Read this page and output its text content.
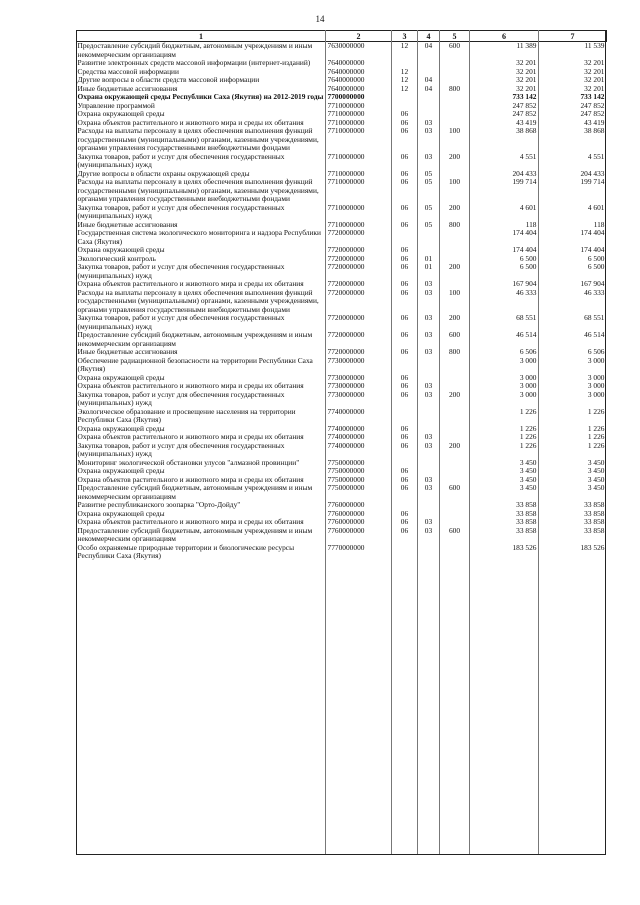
14
1	2	3	4	5	6	7
Предоставление субсидий бюджетным, автономным учреждениям и иным некоммерческим организациям	7630000000	12	04	600	11 389	11 539
Развитие электронных средств массовой информации (интернет-изданий)	7640000000				32 201	32 201
Средства массовой информации	7640000000	12			32 201	32 201
Другие вопросы в области средств массовой информации	7640000000	12	04		32 201	32 201
Иные бюджетные ассигнования	7640000000	12	04	800	32 201	32 201
Охрана окружающей среды Республики Саха (Якутия) на 2012-2019 годы	7700000000				733 142	733 142
Управление программой	7710000000				247 852	247 852
Охрана окружающей среды	7710000000	06			247 852	247 852
Охрана объектов растительного и животного мира и среды их обитания	7710000000	06	03		43 419	43 419
Расходы на выплаты персоналу в целях обеспечения выполнения функций государственными (муниципальными) органами, казенными учреждениями, органами управления государственными внебюджетными фондами	7710000000	06	03	100	38 868	38 868
Закупка товаров, работ и услуг для обеспечения государственных (муниципальных) нужд	7710000000	06	03	200	4 551	4 551
Другие вопросы в области охраны окружающей среды	7710000000	06	05		204 433	204 433
Расходы на выплаты персоналу в целях обеспечения выполнения функций государственными (муниципальными) органами, казенными учреждениями, органами управления государственными внебюджетными фондами	7710000000	06	05	100	199 714	199 714
Закупка товаров, работ и услуг для обеспечения государственных (муниципальных) нужд	7710000000	06	05	200	4 601	4 601
Иные бюджетные ассигнования	7710000000	06	05	800	118	118
Государственная система экологического мониторинга и надзора Республики Саха (Якутия)	7720000000				174 404	174 404
Охрана окружающей среды	7720000000	06			174 404	174 404
Экологический контроль	7720000000	06	01		6 500	6 500
Закупка товаров, работ и услуг для обеспечения государственных (муниципальных) нужд	7720000000	06	01	200	6 500	6 500
Охрана объектов растительного и животного мира и среды их обитания	7720000000	06	03		167 904	167 904
Расходы на выплаты персоналу в целях обеспечения выполнения функций государственными (муниципальными) органами, казенными учреждениями, органами управления государственными внебюджетными фондами	7720000000	06	03	100	46 333	46 333
Закупка товаров, работ и услуг для обеспечения государственных (муниципальных) нужд	7720000000	06	03	200	68 551	68 551
Предоставление субсидий бюджетным, автономным учреждениям и иным некоммерческим организациям	7720000000	06	03	600	46 514	46 514
Иные бюджетные ассигнования	7720000000	06	03	800	6 506	6 506
Обеспечение радиационной безопасности на территории Республики Саха (Якутия)	7730000000				3 000	3 000
Охрана окружающей среды	7730000000	06			3 000	3 000
Охрана объектов растительного и животного мира и среды их обитания	7730000000	06	03		3 000	3 000
Закупка товаров, работ и услуг для обеспечения государственных (муниципальных) нужд	7730000000	06	03	200	3 000	3 000
Экологическое образование и просвещение населения на территории Республики Саха (Якутия)	7740000000				1 226	1 226
Охрана окружающей среды	7740000000	06			1 226	1 226
Охрана объектов растительного и животного мира и среды их обитания	7740000000	06	03		1 226	1 226
Закупка товаров, работ и услуг для обеспечения государственных (муниципальных) нужд	7740000000	06	03	200	1 226	1 226
Мониторинг экологической обстановки улусов "алмазной провинции"	7750000000				3 450	3 450
Охрана окружающей среды	7750000000	06			3 450	3 450
Охрана объектов растительного и животного мира и среды их обитания	7750000000	06	03		3 450	3 450
Предоставление субсидий бюджетным, автономным учреждениям и иным некоммерческим организациям	7750000000	06	03	600	3 450	3 450
Развитие республиканского зоопарка "Орто-Дойду"	7760000000				33 858	33 858
Охрана окружающей среды	7760000000	06			33 858	33 858
Охрана объектов растительного и животного мира и среды их обитания	7760000000	06	03		33 858	33 858
Предоставление субсидий бюджетным, автономным учреждениям и иным некоммерческим организациям	7760000000	06	03	600	33 858	33 858
Особо охраняемые природные территории и биологические ресурсы Республики Саха (Якутия)	7770000000				183 526	183 526
